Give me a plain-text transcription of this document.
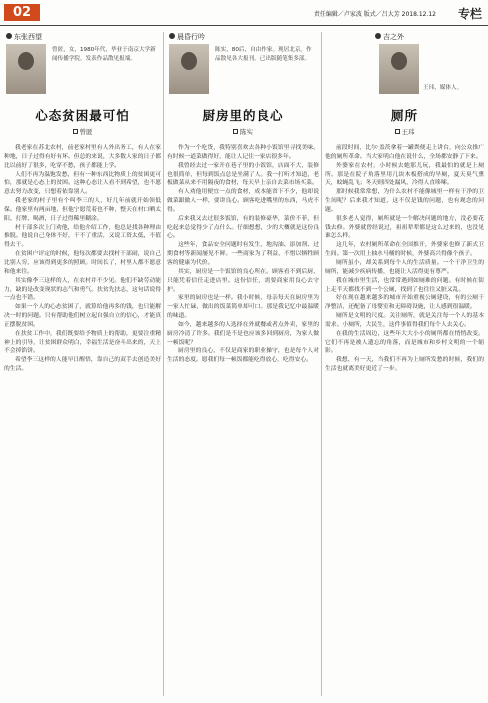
02	责任编辑／卢家波 版式／吕大芳 2018.12.12 专栏
东张西望
曾匿，女，1980年代，毕业于南京大学新闻传播学院。发表作品散见报端。
心态贫困最可怕
曾匿

我老家在苏北农村，前老家村里有人外出务工，有人在家种地，日子过得有好有坏。但总的来说，大多数人家的日子都比以前好了很多，吃穿不愁，孩子都能上学。

人们不再为温饱发愁，但有一种东西比物质上的贫困更可怕，那就是心态上的贫困。这种心态让人看不到希望，也不愿意去努力改变，只想着依靠别人。

我老家的村子里有个叫李三的人，好几年前就开始领低保。他家里有两亩地，但他宁愿荒着也不种，整天在村口晒太阳、打牌、喝酒，日子过得稀里糊涂。

村干部多次上门劝他，给他介绍工作，他总是找各种理由推脱。他说自己身体不好，干不了重活，又说工资太低，不值得去干。

在贫困户评定的时候，他每次都要去找村干部闹，说自己比别人穷，应该得到更多的照顾。时间长了，村里人都不愿意和他来往。

其实像李三这样的人，在农村并不少见。他们不缺劳动能力，缺的是改变现状的志气和勇气。扶贫先扶志，这句话说得一点也不错。

如果一个人的心态贫困了，就算给他再多的钱，也只能解决一时的问题。只有帮助他们树立起自强自立的信心，才能真正摆脱贫困。

在扶贫工作中，我们既要给予物质上的帮助，更要注重精神上的引导，让贫困群众明白，幸福生活是奋斗出来的，天上不会掉馅饼。

希望李三这样的人能早日醒悟，靠自己的双手去创造美好的生活。

晨昏行吟
陈实，80后，自由作家。现居北京。作品散见各大报刊。已出版随笔集多部。
厨房里的良心
陈实

作为一个吃货，我特别喜欢去各种小饭馆里寻找美味。有时候一道菜做得好，能让人记住一家店很多年。

我曾经去过一家开在巷子里的小饭馆，店面不大，装修也很简单，但每到饭点总是坐满了人。我一打听才知道，老板做菜从来不用隔夜的食材，每天早上亲自去菜市场买菜。

有人劝他用便宜一点的食材，成本能省下不少，他却说做菜跟做人一样，要讲良心。顾客吃进嘴里的东西，马虎不得。

后来我又去过很多饭馆，有的装修豪华，菜价不菲，但吃起来总觉得少了点什么。仔细想想，少的大概就是这份良心。

这些年，食品安全问题时有发生，地沟油、添加剂、过期食材等新闻屡见不鲜。一些商家为了利益，不惜以牺牲顾客的健康为代价。

其实，厨房是一个饭馆的良心所在。顾客看不到后厨，只能凭着信任走进店里。这份信任，需要商家用良心去守护。

家里的厨房也是一样。我小时候，母亲每天在厨房里为一家人忙碌，做出的饭菜简单却可口。那是我记忆中最温暖的味道。

如今，越来越多的人选择在外就餐或者点外卖，家里的厨房冷清了许多。我们是不是也应该多回到厨房，为家人做一顿饭呢？

厨房里的良心，不仅是商家的职业操守，也是每个人对生活的态度。愿我们每一顿饭都能吃得放心，吃得安心。

吉之外
王玮，媒体人。
厕所
王玮

前段时间，比尔·盖茨拿着一罐粪便走上讲台，向公众推广他的厕所革命。当大家明白他在说什么，全场都安静了下来。

外婆家在农村，小时候去她那儿玩，我最怕的就是上厕所。那是在院子角落里用几块木板搭成的旱厕，夏天臭气熏天，蚊蝇乱飞；冬天则四处漏风，冷得人直哆嗦。

那时候我常常想，为什么农村不能像城里一样有干净的卫生间呢？后来我才知道，这不仅是钱的问题，也有观念的问题。

很多老人觉得，厕所就是一个解决问题的地方，没必要花钱去修。外婆就曾经说过，祖祖辈辈都是这么过来的，也没见谁怎么样。

这几年，农村厕所革命在全国推开，外婆家也修了新式卫生间。第一次用上抽水马桶的时候，外婆高兴得像个孩子。

厕所虽小，却关系到每个人的生活质量。一个干净卫生的厕所，能减少疾病传播，也能让人活得更有尊严。

我在城市里生活，也常常遇到如厕难的问题。有时候在街上走半天都找不到一个公厕，找到了也往往又脏又乱。

好在现在越来越多的城市开始重视公厕建设，有的公厕干净整洁，还配备了母婴室和无障碍设施，让人感到很温暖。

厕所是文明的尺度。关注厕所，就是关注每一个人的基本需求。小厕所，大民生，这件事值得我们每个人去关心。

在我的生活周边，这些年大大小小的厕所都在悄悄改变。它们不再是被人遗忘的角落，而是城市和乡村文明的一个缩影。

我想，有一天，当我们不再为上厕所发愁的时候，我们的生活也就离美好更近了一步。
